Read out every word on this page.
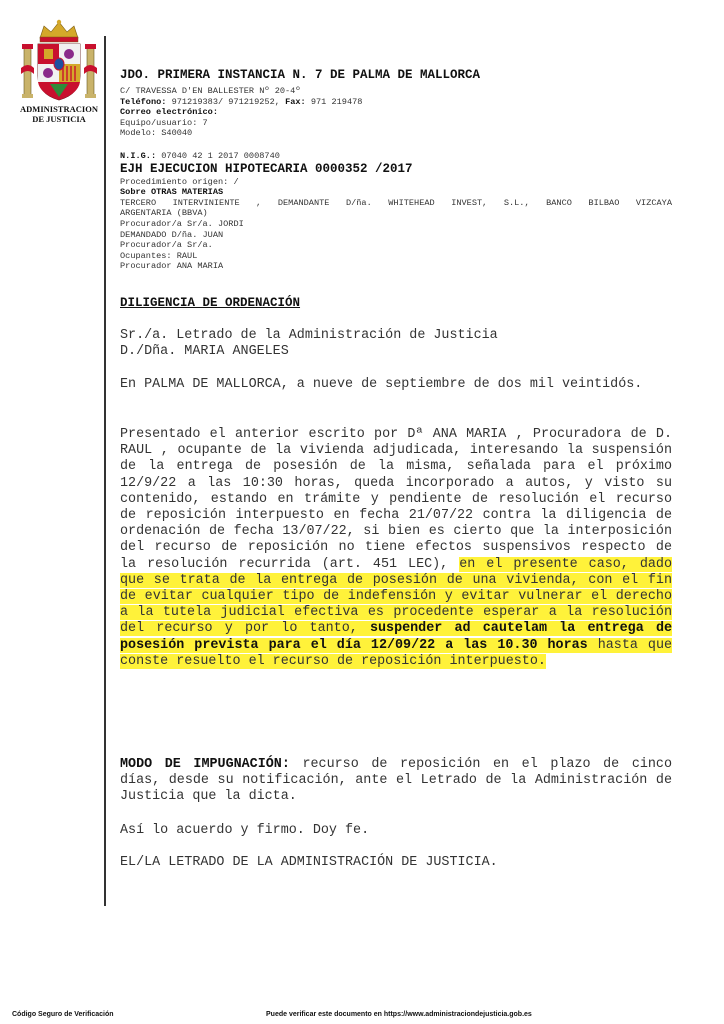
ADMINISTRACION
DE JUSTICIA
JDO. PRIMERA INSTANCIA N. 7 DE PALMA DE MALLORCA
C/ TRAVESSA D'EN BALLESTER Nº 20-4º
Teléfono: 971219383/ 971219252, Fax: 971 219478
Correo electrónico:
Equipo/usuario: 7
Modelo: S40040
N.I.G.: 07040 42 1 2017 0008740
EJH EJECUCION HIPOTECARIA 0000352 /2017
Procedimiento origen: /
Sobre OTRAS MATERIAS
TERCERO INTERVINIENTE , DEMANDANTE D/ña. WHITEHEAD INVEST, S.L., BANCO BILBAO VIZCAYA
ARGENTARIA (BBVA)
Procurador/a Sr/a. JORDI
DEMANDADO D/ña. JUAN
Procurador/a Sr/a.
Ocupantes: RAUL
Procurador ANA MARIA
DILIGENCIA DE ORDENACIÓN

Sr./a. Letrado de la Administración de Justicia

D./Dña. MARIA ANGELES

En PALMA DE MALLORCA, a nueve de septiembre de dos mil veintidós.
Presentado el anterior escrito por Dª ANA MARIA , Procuradora de D. RAUL , ocupante de la vivienda adjudicada, interesando la suspensión de la entrega de posesión de la misma, señalada para el próximo 12/9/22 a las 10:30 horas, queda incorporado a autos, y visto su contenido, estando en trámite y pendiente de resolución el recurso de reposición interpuesto en fecha 21/07/22 contra la diligencia de ordenación de fecha 13/07/22, si bien es cierto que la interposición del recurso de reposición no tiene efectos suspensivos respecto de la resolución recurrida (art. 451 LEC), en el presente caso, dado que se trata de la entrega de posesión de una vivienda, con el fin de evitar cualquier tipo de indefensión y evitar vulnerar el derecho a la tutela judicial efectiva es procedente esperar a la resolución del recurso y por lo tanto, suspender ad cautelam la entrega de posesión prevista para el día 12/09/22 a las 10.30 horas hasta que conste resuelto el recurso de reposición interpuesto.
MODO DE IMPUGNACIÓN: recurso de reposición en el plazo de cinco días, desde su notificación, ante el Letrado de la Administración de Justicia que la dicta.
Así lo acuerdo y firmo. Doy fe.
EL/LA LETRADO DE LA ADMINISTRACIÓN DE JUSTICIA.
Código Seguro de Verificación	Puede verificar este documento en https://www.administraciondejusticia.gob.es
